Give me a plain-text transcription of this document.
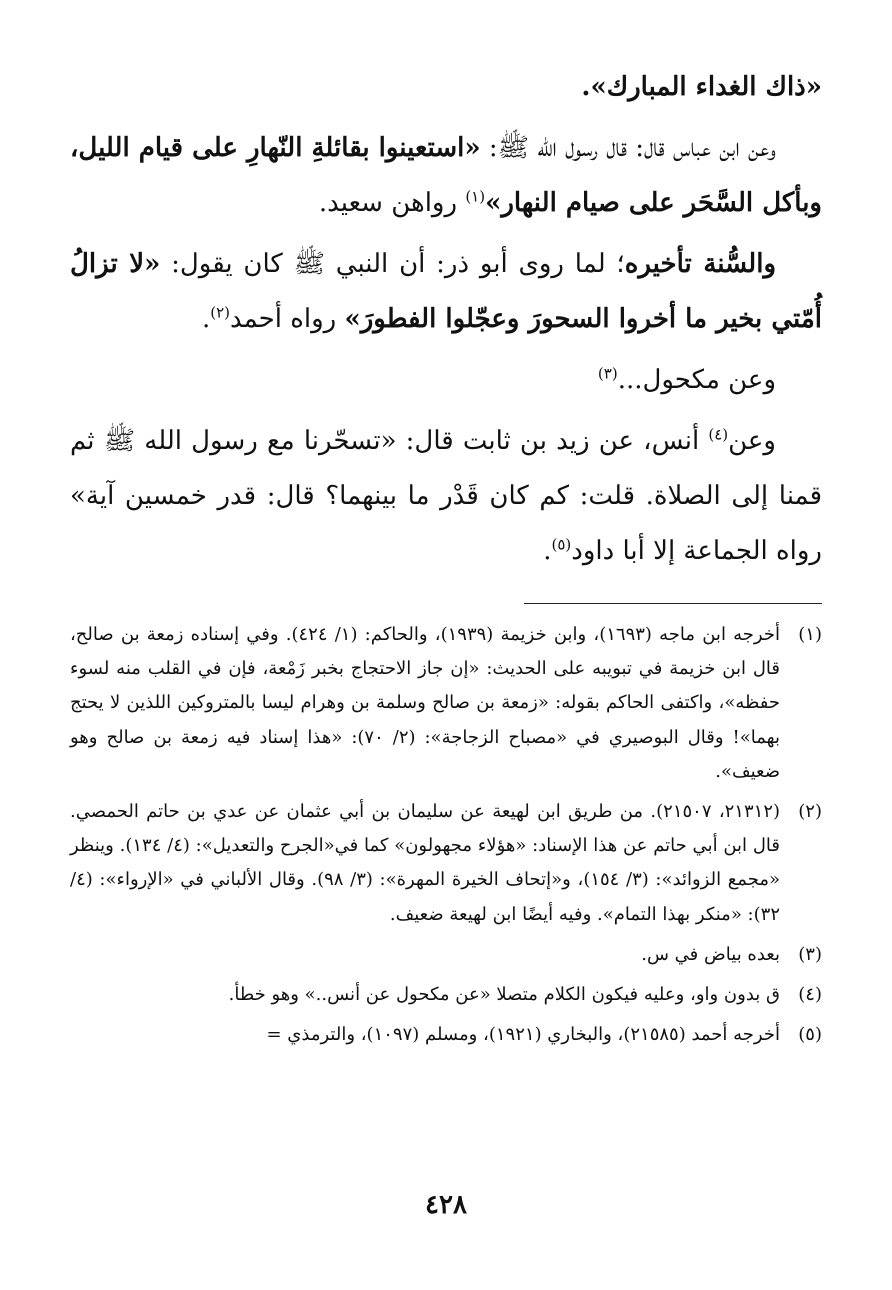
«ذاك الغداء المبارك».

وعن ابن عباس قال: قال رسول الله ﷺ: «استعينوا بقائلةِ النّهارِ على قيام الليل، وبأكل السَّحَر على صيام النهار»$^{(١)}$ رواهن سعيد.

والسُّنة تأخيره؛ لما روى أبو ذر: أن النبي ﷺ كان يقول: «لا تزالُ أُمّتي بخير ما أخروا السحورَ وعجّلوا الفطورَ» رواه أحمد$^{(٢)}$.

وعن مكحول...$^{(٣)}$

وعن$^{(٤)}$ أنس، عن زيد بن ثابت قال: «تسحّرنا مع رسول الله ﷺ ثم قمنا إلى الصلاة. قلت: كم كان قَدْر ما بينهما؟ قال: قدر خمسين آية» رواه الجماعة إلا أبا داود$^{(٥)}$.

(١)
أخرجه ابن ماجه (١٦٩٣)، وابن خزيمة (١٩٣٩)، والحاكم: (١/ ٤٢٤). وفي إسناده زمعة بن صالح، قال ابن خزيمة في تبويبه على الحديث: «إن جاز الاحتجاج بخبر زَمْعة، فإن في القلب منه لسوء حفظه»، واكتفى الحاكم بقوله: «زمعة بن صالح وسلمة بن وهرام ليسا بالمتروكين اللذين لا يحتج بهما»! وقال البوصيري في «مصباح الزجاجة»: (٢/ ٧٠): «هذا إسناد فيه زمعة بن صالح وهو ضعيف».
(٢)
(٢١٣١٢، ٢١٥٠٧). من طريق ابن لهيعة عن سليمان بن أبي عثمان عن عدي بن حاتم الحمصي. قال ابن أبي حاتم عن هذا الإسناد: «هؤلاء مجهولون» كما في«الجرح والتعديل»: (٤/ ١٣٤). وينظر «مجمع الزوائد»: (٣/ ١٥٤)، و«إتحاف الخيرة المهرة»: (٣/ ٩٨). وقال الألباني في «الإرواء»: (٤/ ٣٢): «منكر بهذا التمام». وفيه أيضًا ابن لهيعة ضعيف.
(٣)
بعده بياض في س.
(٤)
ق بدون واو، وعليه فيكون الكلام متصلا «عن مكحول عن أنس..» وهو خطأ.
(٥)
أخرجه أحمد (٢١٥٨٥)، والبخاري (١٩٢١)، ومسلم (١٠٩٧)، والترمذي =
٤٢٨
